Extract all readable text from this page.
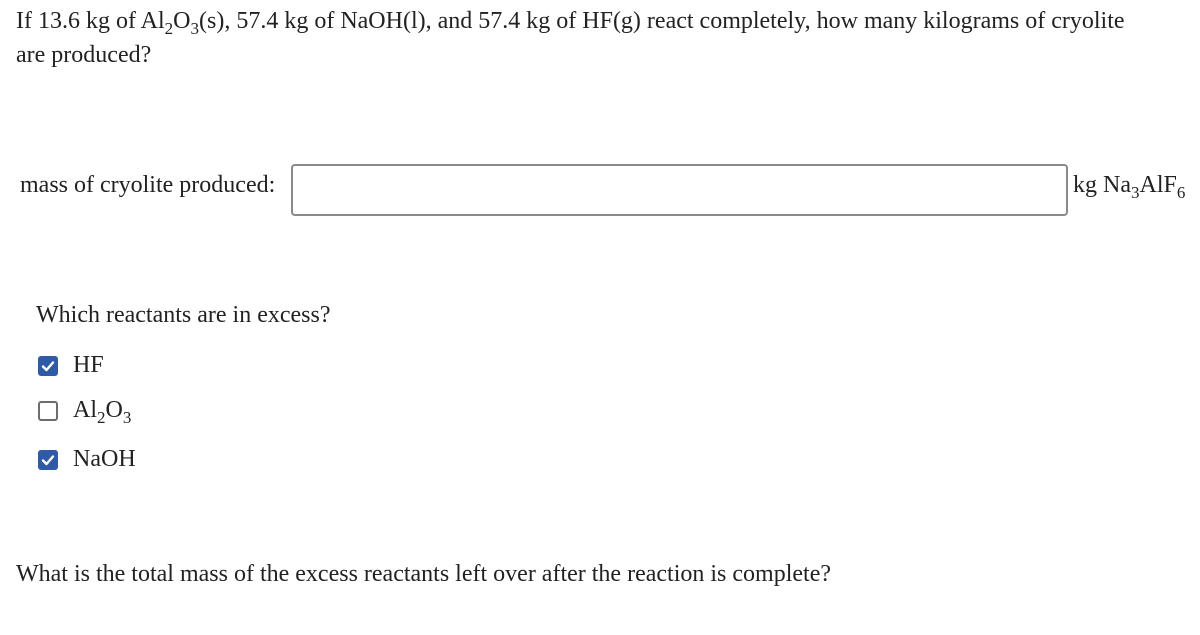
If 13.6 kg of $Al_2O_3(s)$, 57.4 kg of NaOH(l), and 57.4 kg of HF(g) react completely, how many kilograms of cryolite are produced?
mass of cryolite produced:	kg $Na_3AlF_6$
Which reactants are in excess?
HF
$Al_2O_3$
NaOH
What is the total mass of the excess reactants left over after the reaction is complete?
